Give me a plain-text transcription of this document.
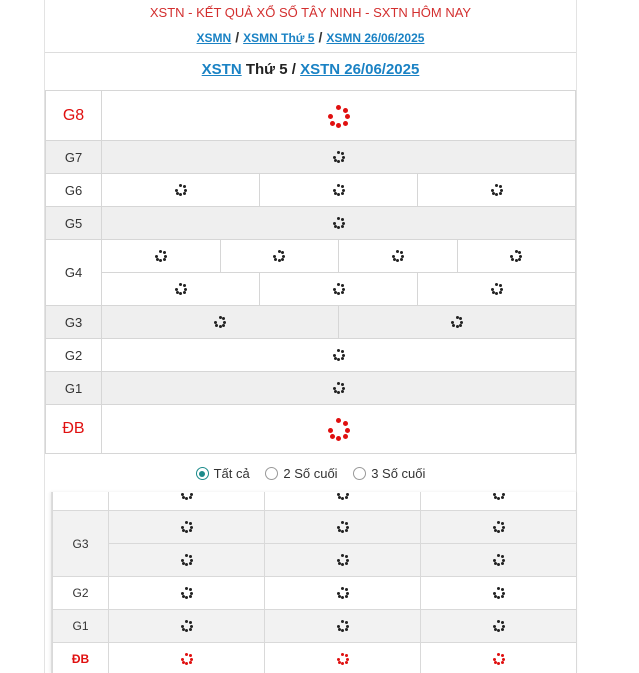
XSTN - KẾT QUẢ XỔ SỐ TÂY NINH - SXTN HÔM NAY
XSMN / XSMN Thứ 5 / XSMN 26/06/2025
XSTN Thứ 5 / XSTN 26/06/2025
G8						

G7						

G6				

G5						

G4			

G3					

G2						

G1						

ĐB						
Tất cả
	2 Số cuối
	3 Số cuối

G3	

G2	

G1	

ĐB	
